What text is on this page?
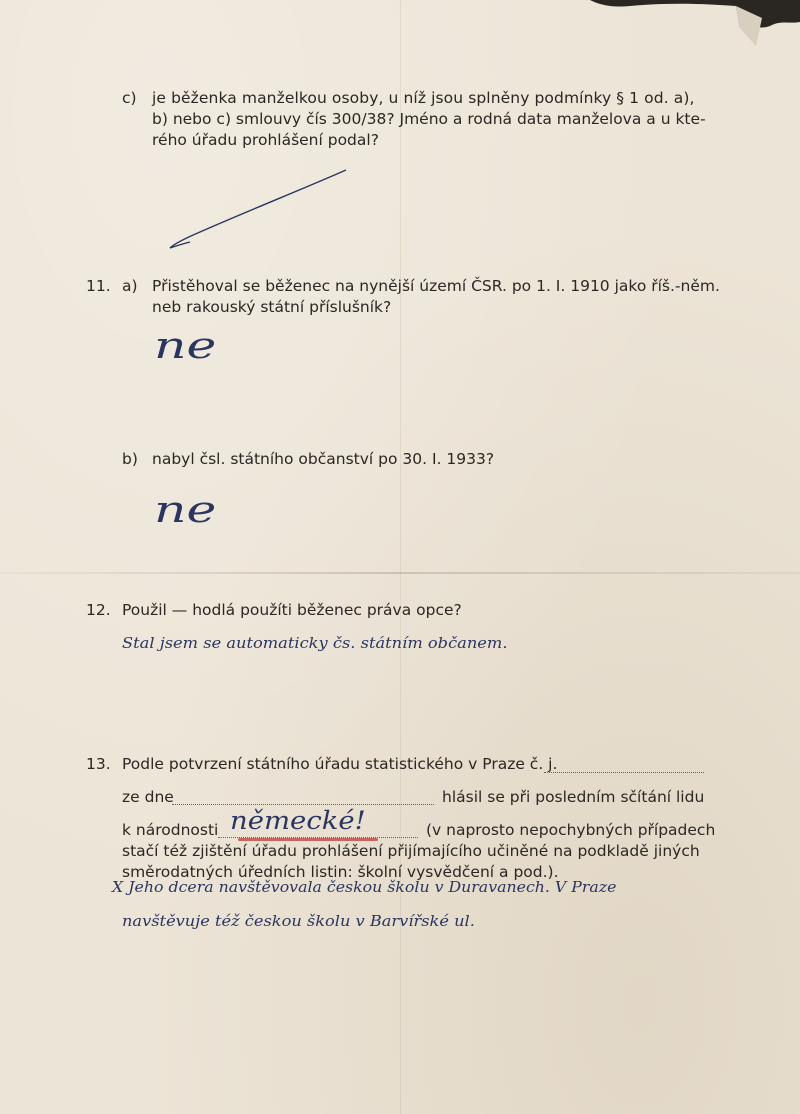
c) je běženka manželkou osoby, u níž jsou splněny podmínky § 1 od. a),
b) nebo c) smlouvy čís 300/38? Jméno a rodná data manželova a u kte-
rého úřadu prohlášení podal?
11. a) Přistěhoval se běženec na nynější území ČSR. po 1. I. 1910 jako říš.-něm.
neb rakouský státní příslušník?
ne
b) nabyl čsl. státního občanství po 30. I. 1933?
ne
12. Použil — hodlá použíti běženec práva opce?
Stal jsem se automaticky čs. státním občanem.
13. Podle potvrzení státního úřadu statistického v Praze č. j.
ze dne	hlásil se při posledním sčítání lidu
k národnosti německé!	(v naprosto nepochybných případech
stačí též zjištění úřadu prohlášení přijímajícího učiněné na podkladě jiných
směrodatných úředních listin: školní vysvědčení a pod.).
X Jeho dcera navštěvovala českou školu v Duravanech. V Praze
navštěvuje též českou školu v Barvířské ul.
